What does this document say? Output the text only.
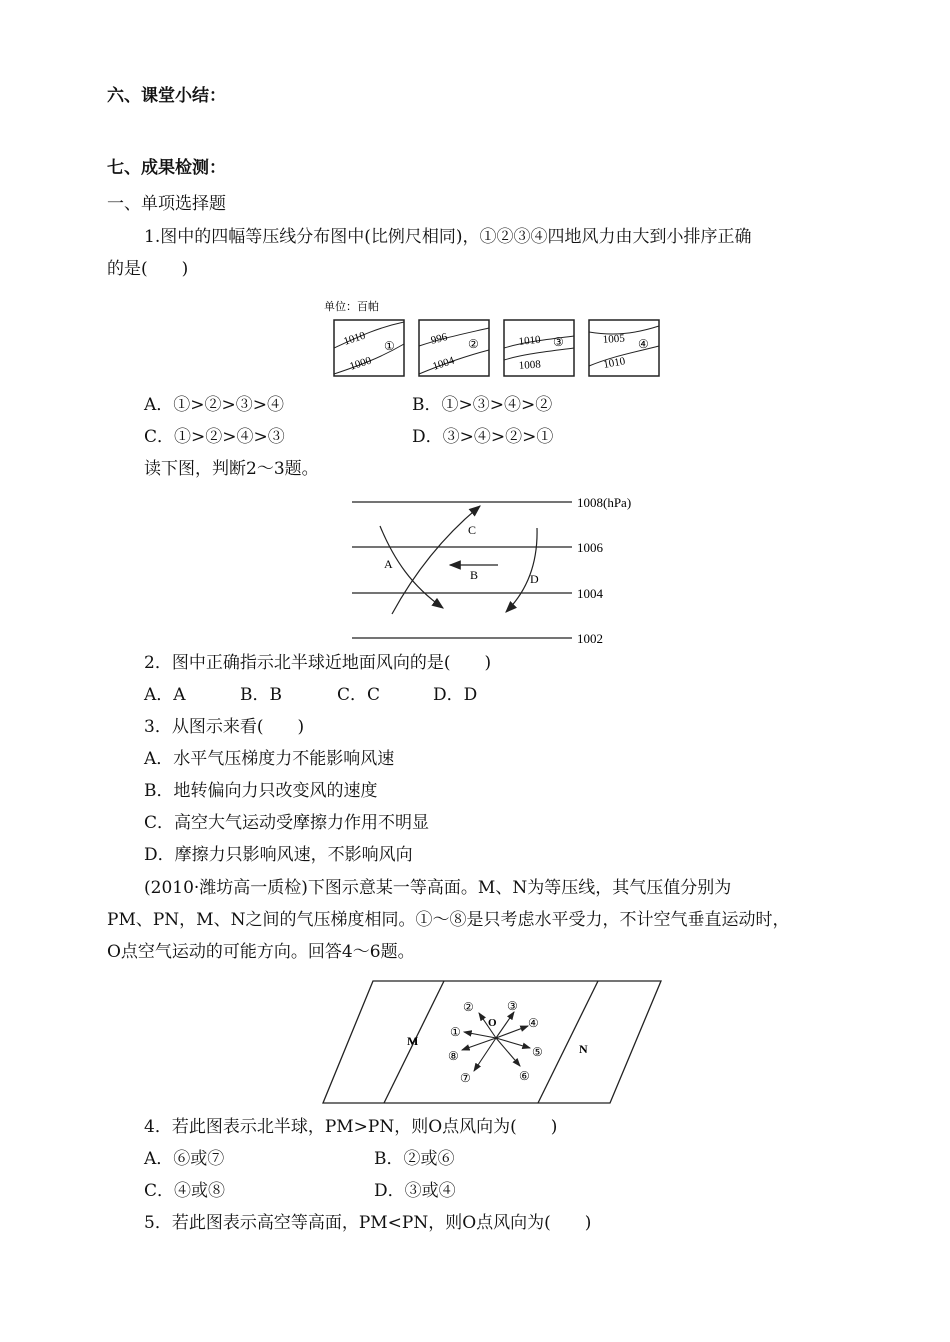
六、课堂小结：
七、成果检测：
一、单项选择题
1.图中的四幅等压线分布图中(比例尺相同)，①②③④四地风力由大到小排序正确
的是(　　)
单位：百帕
1010
1000
①	996
1004
②	1010
1008
③	1005
1010
④
A．①>②>③>④	B．①>③>④>②
C．①>②>④>③	D．③>④>②>①
读下图，判断2～3题。
1008(hPa)
1006
1004
1002
A
C
B	D
2．图中正确指示北半球近地面风向的是(　　)
A．A	B．B	C．C	D．D
3．从图示来看(　　)
A．水平气压梯度力不能影响风速
B．地转偏向力只改变风的速度
C．高空大气运动受摩擦力作用不明显
D．摩擦力只影响风速，不影响风向
(2010·潍坊高一质检)下图示意某一等高面。M、N为等压线，其气压值分别为
PM、PN，M、N之间的气压梯度相同。①～⑧是只考虑水平受力，不计空气垂直运动时，
O点空气运动的可能方向。回答4～6题。
M
N
O
①
②	③
④
⑤
⑥
⑦
⑧
4．若此图表示北半球，PM>PN，则O点风向为(　　)
A．⑥或⑦	B．②或⑥
C．④或⑧	D．③或④
5．若此图表示高空等高面，PM<PN，则O点风向为(　　)
